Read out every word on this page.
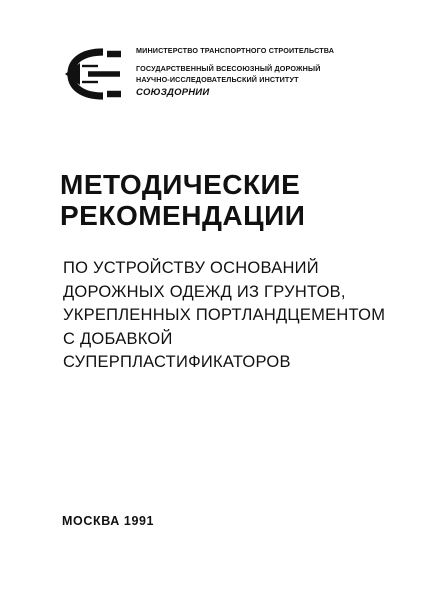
МИНИСТЕРСТВО ТРАНСПОРТНОГО СТРОИТЕЛЬСТВА
ГОСУДАРСТВЕННЫЙ ВСЕСОЮЗНЫЙ ДОРОЖНЫЙ
НАУЧНО-ИССЛЕДОВАТЕЛЬСКИЙ ИНСТИТУТ
СОЮЗДОРНИИ
МЕТОДИЧЕСКИЕ
РЕКОМЕНДАЦИИ
ПО УСТРОЙСТВУ ОСНОВАНИЙ
ДОРОЖНЫХ ОДЕЖД ИЗ ГРУНТОВ,
УКРЕПЛЕННЫХ ПОРТЛАНДЦЕМЕНТОМ
С ДОБАВКОЙ
СУПЕРПЛАСТИФИКАТОРОВ
МОСКВА 1991
